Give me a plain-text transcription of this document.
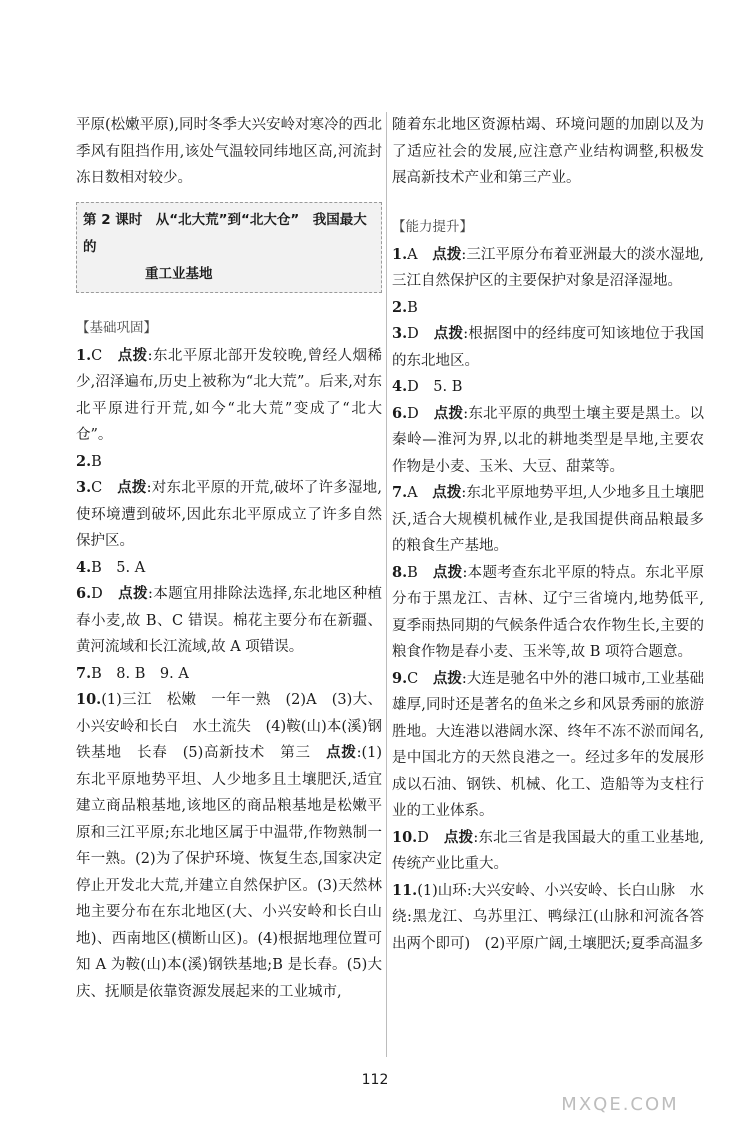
平原(松嫩平原),同时冬季大兴安岭对寒冷的西北季风有阻挡作用,该处气温较同纬地区高,河流封冻日数相对较少。

第 2 课时　从“北大荒”到“北大仓”　我国最大的
重工业基地
【基础巩固】

1.C　 点拨:东北平原北部开发较晚,曾经人烟稀少,沼泽遍布,历史上被称为“北大荒”。后来,对东北平原进行开荒,如今“北大荒”变成了“北大仓”。

2.B

3.C　 点拨:对东北平原的开荒,破坏了许多湿地,使环境遭到破坏,因此东北平原成立了许多自然保护区。

4.B　5. A

6.D　 点拨:本题宜用排除法选择,东北地区种植春小麦,故 B、C 错误。棉花主要分布在新疆、黄河流域和长江流域,故 A 项错误。

7.B　8. B　9. A

10.(1)三江　松嫩　一年一熟　(2)A　(3)大、小兴安岭和长白　水土流失　(4)鞍(山)本(溪)钢铁基地　长春　(5)高新技术　第三　 点拨:(1)东北平原地势平坦、人少地多且土壤肥沃,适宜建立商品粮基地,该地区的商品粮基地是松嫩平原和三江平原;东北地区属于中温带,作物熟制一年一熟。(2)为了保护环境、恢复生态,国家决定停止开发北大荒,并建立自然保护区。(3)天然林地主要分布在东北地区(大、小兴安岭和长白山地)、西南地区(横断山区)。(4)根据地理位置可知 A 为鞍(山)本(溪)钢铁基地;B 是长春。(5)大庆、抚顺是依靠资源发展起来的工业城市,

随着东北地区资源枯竭、环境问题的加剧以及为了适应社会的发展,应注意产业结构调整,积极发展高新技术产业和第三产业。

【能力提升】

1.A　 点拨:三江平原分布着亚洲最大的淡水湿地,三江自然保护区的主要保护对象是沼泽湿地。

2.B

3.D　 点拨:根据图中的经纬度可知该地位于我国的东北地区。

4.D　5. B

6.D　 点拨:东北平原的典型土壤主要是黑土。以秦岭—淮河为界,以北的耕地类型是旱地,主要农作物是小麦、玉米、大豆、甜菜等。

7.A　 点拨:东北平原地势平坦,人少地多且土壤肥沃,适合大规模机械作业,是我国提供商品粮最多的粮食生产基地。

8.B　 点拨:本题考查东北平原的特点。东北平原分布于黑龙江、吉林、辽宁三省境内,地势低平,夏季雨热同期的气候条件适合农作物生长,主要的粮食作物是春小麦、玉米等,故 B 项符合题意。

9.C　 点拨:大连是驰名中外的港口城市,工业基础雄厚,同时还是著名的鱼米之乡和风景秀丽的旅游胜地。大连港以港阔水深、终年不冻不淤而闻名,是中国北方的天然良港之一。经过多年的发展形成以石油、钢铁、机械、化工、造船等为支柱行业的工业体系。

10.D　 点拨:东北三省是我国最大的重工业基地,传统产业比重大。

11.(1)山环:大兴安岭、小兴安岭、长白山脉　水绕:黑龙江、乌苏里江、鸭绿江(山脉和河流各答出两个即可)　(2)平原广阔,土壤肥沃;夏季高温多

112
MXQE.COM
